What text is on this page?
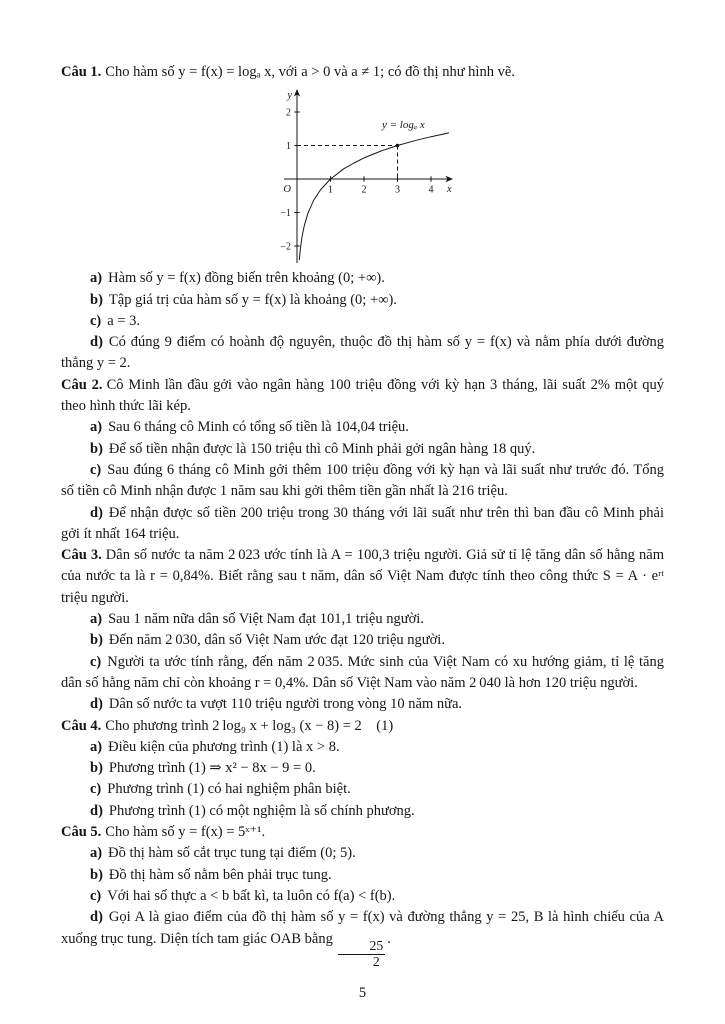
Câu 1. Cho hàm số y = f(x) = logₐ x, với a > 0 và a ≠ 1; có đồ thị như hình vẽ.

y
x
O	1	2	3	4
2
1
−1
−2
y = logₐ x

a) Hàm số y = f(x) đồng biến trên khoảng (0; +∞).

b) Tập giá trị của hàm số y = f(x) là khoảng (0; +∞).

c) a = 3.

d) Có đúng 9 điểm có hoành độ nguyên, thuộc đồ thị hàm số y = f(x) và nằm phía dưới đường thẳng y = 2.

Câu 2. Cô Minh lần đầu gởi vào ngân hàng 100 triệu đồng với kỳ hạn 3 tháng, lãi suất 2% một quý theo hình thức lãi kép.

a) Sau 6 tháng cô Minh có tổng số tiền là 104,04 triệu.

b) Để số tiền nhận được là 150 triệu thì cô Minh phải gởi ngân hàng 18 quý.

c) Sau đúng 6 tháng cô Minh gởi thêm 100 triệu đồng với kỳ hạn và lãi suất như trước đó. Tổng số tiền cô Minh nhận được 1 năm sau khi gởi thêm tiền gần nhất là 216 triệu.

d) Để nhận được số tiền 200 triệu trong 30 tháng với lãi suất như trên thì ban đầu cô Minh phải gởi ít nhất 164 triệu.

Câu 3. Dân số nước ta năm 2 023 ước tính là A = 100,3 triệu người. Giả sử tỉ lệ tăng dân số hằng năm của nước ta là r = 0,84%. Biết rằng sau t năm, dân số Việt Nam được tính theo công thức S = A · eʳᵗ triệu người.

a) Sau 1 năm nữa dân số Việt Nam đạt 101,1 triệu người.

b) Đến năm 2 030, dân số Việt Nam ước đạt 120 triệu người.

c) Người ta ước tính rằng, đến năm 2 035. Mức sinh của Việt Nam có xu hướng giảm, tỉ lệ tăng dân số hằng năm chỉ còn khoảng r = 0,4%. Dân số Việt Nam vào năm 2 040 là hơn 120 triệu người.

d) Dân số nước ta vượt 110 triệu người trong vòng 10 năm nữa.

Câu 4. Cho phương trình 2 log₉ x + log₃ (x − 8) = 2 (1)

a) Điều kiện của phương trình (1) là x > 8.

b) Phương trình (1) ⇒ x² − 8x − 9 = 0.

c) Phương trình (1) có hai nghiệm phân biệt.

d) Phương trình (1) có một nghiệm là số chính phương.

Câu 5. Cho hàm số y = f(x) = 5ˣ⁺¹.

a) Đồ thị hàm số cắt trục tung tại điểm (0; 5).

b) Đồ thị hàm số nằm bên phải trục tung.

c) Với hai số thực a < b bất kì, ta luôn có f(a) < f(b).

d) Gọi A là giao điểm của đồ thị hàm số y = f(x) và đường thẳng y = 25, B là hình chiếu của A xuống trục tung. Diện tích tam giác OAB bằng
$\frac{25}{2}$
.

5
